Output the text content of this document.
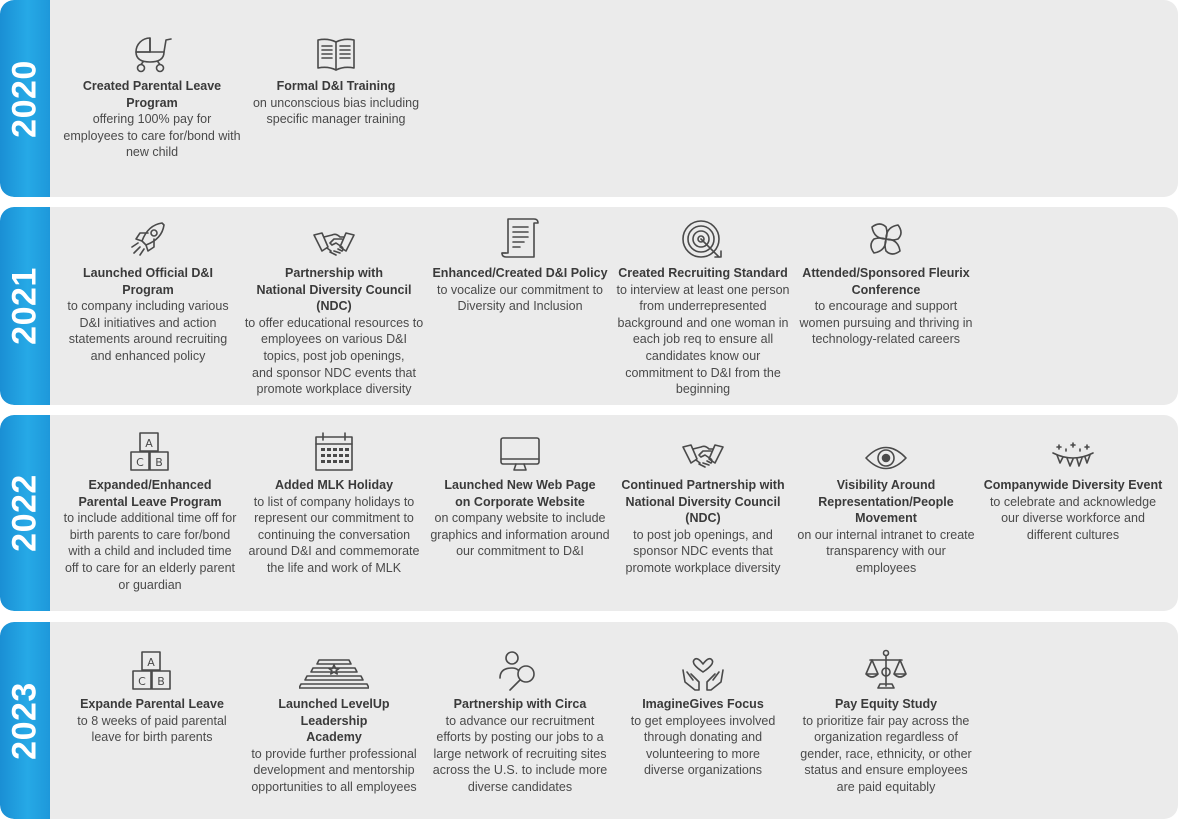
2020	Created Parental Leave
Program
offering 100% pay for
employees to care for/bond with
new child
Formal D&I Training
on unconscious bias including
specific manager training
2021	Launched Official D&I Program
to company including various
D&I initiatives and action
statements around recruiting
and enhanced policy
Partnership with
National Diversity Council
(NDC)
to offer educational resources to
employees on various D&I
topics, post job openings,
and sponsor NDC events that
promote workplace diversity
Enhanced/Created D&I Policy
to vocalize our commitment to
Diversity and Inclusion
Created Recruiting Standard
to interview at least one person
from underrepresented
background and one woman in
each job req to ensure all
candidates know our
commitment to D&I from the
beginning
Attended/Sponsored Fleurix
Conference
to encourage and support
women pursuing and thriving in
technology-related careers
2022
A
C B
Expanded/Enhanced
Parental Leave Program
to include additional time off for
birth parents to care for/bond
with a child and included time
off to care for an elderly parent
or guardian
Added MLK Holiday
to list of company holidays to
represent our commitment to
continuing the conversation
around D&I and commemorate
the life and work of MLK
Launched New Web Page
on Corporate Website
on company website to include
graphics and information around
our commitment to D&I
Continued Partnership with
National Diversity Council
(NDC)
to post job openings, and
sponsor NDC events that
promote workplace diversity
Visibility Around
Representation/People
Movement
on our internal intranet to create
transparency with our
employees
Companywide Diversity Event
to celebrate and acknowledge
our diverse workforce and
different cultures
2023
A
C B
Expande Parental Leave
to 8 weeks of paid parental
leave for birth parents
Launched LevelUp Leadership
Academy
to provide further professional
development and mentorship
opportunities to all employees
Partnership with Circa
to advance our recruitment
efforts by posting our jobs to a
large network of recruiting sites
across the U.S. to include more
diverse candidates
ImagineGives Focus
to get employees involved
through donating and
volunteering to more
diverse organizations
Pay Equity Study
to prioritize fair pay across the
organization regardless of
gender, race, ethnicity, or other
status and ensure employees
are paid equitably
